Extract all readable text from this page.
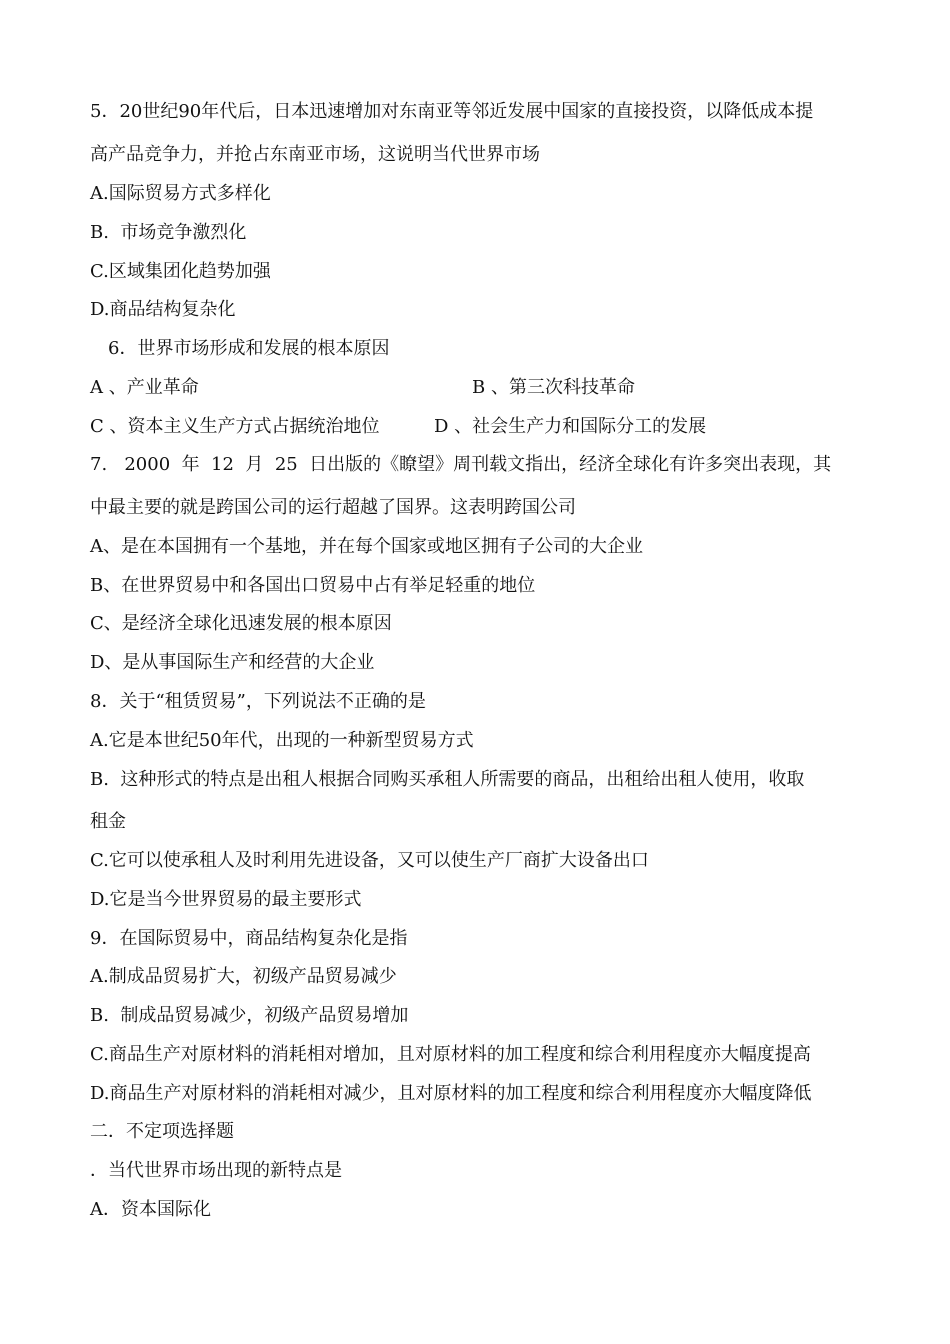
5．20世纪90年代后，日本迅速增加对东南亚等邻近发展中国家的直接投资，以降低成本提
高产品竞争力，并抢占东南亚市场，这说明当代世界市场
A.国际贸易方式多样化
B.  市场竞争激烈化
C.区域集团化趋势加强
D.商品结构复杂化
6．世界市场形成和发展的根本原因
A 、产业革命	B 、第三次科技革命
C 、资本主义生产方式占据统治地位	D 、社会生产力和国际分工的发展
7.   2000  年  12  月  25  日出版的《瞭望》周刊载文指出，经济全球化有许多突出表现，其
中最主要的就是跨国公司的运行超越了国界。这表明跨国公司
A、是在本国拥有一个基地，并在每个国家或地区拥有子公司的大企业
B、在世界贸易中和各国出口贸易中占有举足轻重的地位
C、是经济全球化迅速发展的根本原因
D、是从事国际生产和经营的大企业
8．关于“租赁贸易”，下列说法不正确的是
A.它是本世纪50年代，出现的一种新型贸易方式
B.  这种形式的特点是出租人根据合同购买承租人所需要的商品，出租给出租人使用，收取
租金
C.它可以使承租人及时利用先进设备，又可以使生产厂商扩大设备出口
D.它是当今世界贸易的最主要形式
9．在国际贸易中，商品结构复杂化是指
A.制成品贸易扩大，初级产品贸易减少
B.  制成品贸易减少，初级产品贸易增加
C.商品生产对原材料的消耗相对增加，且对原材料的加工程度和综合利用程度亦大幅度提高
D.商品生产对原材料的消耗相对减少，且对原材料的加工程度和综合利用程度亦大幅度降低
二．不定项选择题
．当代世界市场出现的新特点是
A．资本国际化
